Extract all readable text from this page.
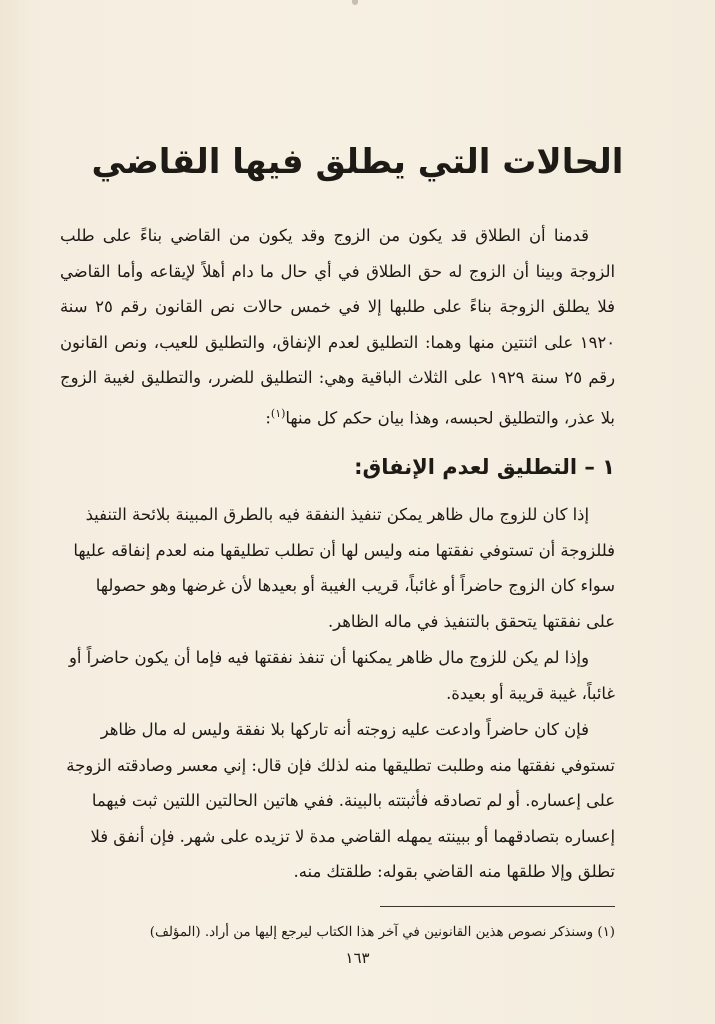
الحالات التي يطلق فيها القاضي
قدمنا أن الطلاق قد يكون من الزوج وقد يكون من القاضي بناءً على طلب
الزوجة وبينا أن الزوج له حق الطلاق في أي حال ما دام أهلاً لإيقاعه وأما القاضي
فلا يطلق الزوجة بناءً على طلبها إلا في خمس حالات نص القانون رقم ٢٥ سنة
١٩٢٠ على اثنتين منها وهما: التطليق لعدم الإنفاق، والتطليق للعيب، ونص القانون
رقم ٢٥ سنة ١٩٢٩ على الثلاث الباقية وهي: التطليق للضرر، والتطليق لغيبة الزوج
بلا عذر، والتطليق لحبسه، وهذا بيان حكم كل منها$^{(١)}$:
١ – التطليق لعدم الإنفاق:
إذا كان للزوج مال ظاهر يمكن تنفيذ النفقة فيه بالطرق المبينة بلائحة التنفيذ
فللزوجة أن تستوفي نفقتها منه وليس لها أن تطلب تطليقها منه لعدم إنفاقه عليها
سواء كان الزوج حاضراً أو غائباً، قريب الغيبة أو بعيدها لأن غرضها وهو حصولها
على نفقتها يتحقق بالتنفيذ في ماله الظاهر.
وإذا لم يكن للزوج مال ظاهر يمكنها أن تنفذ نفقتها فيه فإما أن يكون حاضراً أو
غائباً، غيبة قريبة أو بعيدة.
فإن كان حاضراً وادعت عليه زوجته أنه تاركها بلا نفقة وليس له مال ظاهر
تستوفي نفقتها منه وطلبت تطليقها منه لذلك فإن قال: إني معسر وصادقته الزوجة
على إعساره. أو لم تصادقه فأثبتته بالبينة. ففي هاتين الحالتين اللتين ثبت فيهما
إعساره بتصادقهما أو ببينته يمهله القاضي مدة لا تزيده على شهر. فإن أنفق فلا
تطلق وإلا طلقها منه القاضي بقوله: طلقتك منه.
(١) وسنذكر نصوص هذين القانونين في آخر هذا الكتاب ليرجع إليها من أراد. (المؤلف)
١٦٣
